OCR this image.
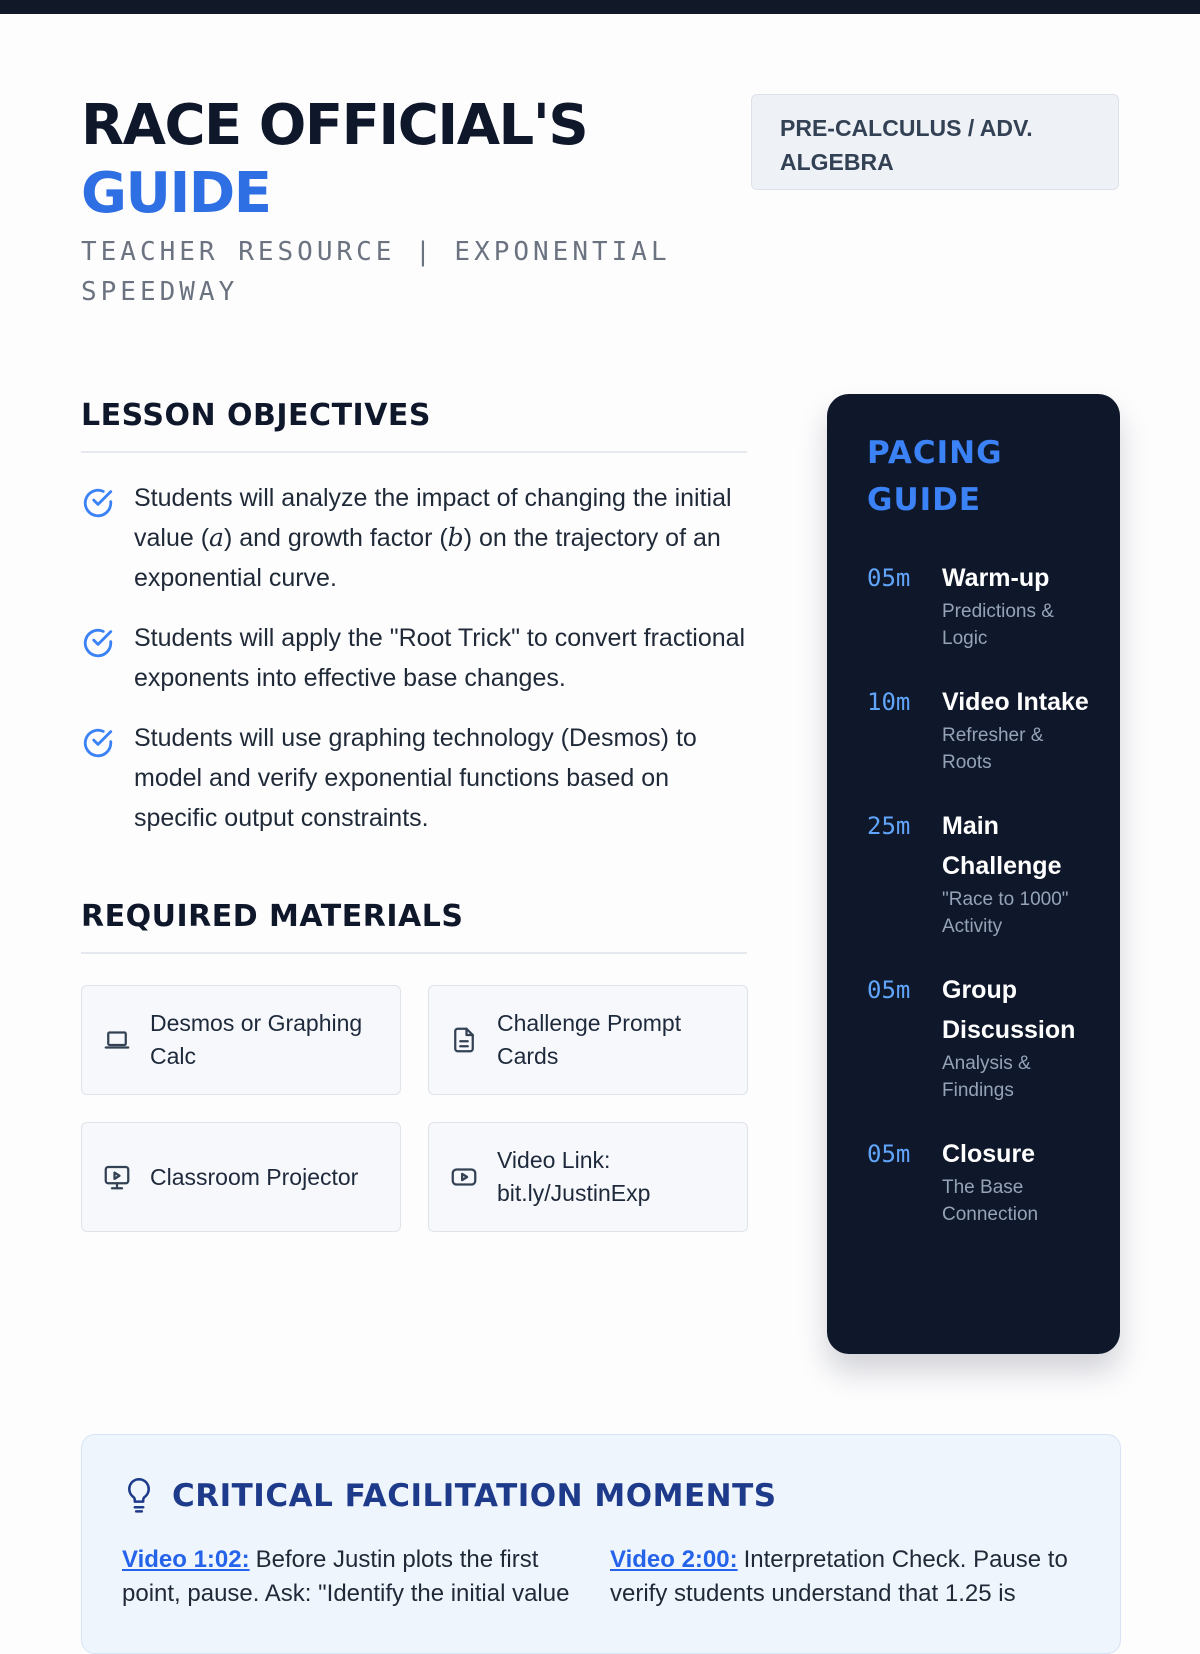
RACE OFFICIAL'S
GUIDE
TEACHER RESOURCE | EXPONENTIAL SPEEDWAY
PRE-CALCULUS / ADV. ALGEBRA
LESSON OBJECTIVES
Students will analyze the impact of changing the initial value (a) and growth factor (b) on the trajectory of an exponential curve.
Students will apply the "Root Trick" to convert fractional exponents into effective base changes.
Students will use graphing technology (Desmos) to model and verify exponential functions based on specific output constraints.
REQUIRED MATERIALS
Desmos or Graphing Calc
Challenge Prompt Cards
Classroom Projector
Video Link: bit.ly/JustinExp
PACING GUIDE
05m	Warm-up
Predictions & Logic
10m	Video Intake
Refresher & Roots
25m	Main Challenge
"Race to 1000" Activity
05m	Group Discussion
Analysis & Findings
05m	Closure
The Base Connection
CRITICAL FACILITATION MOMENTS

Video 1:02: Before Justin plots the first point, pause. Ask: "Identify the initial value

Video 2:00: Interpretation Check. Pause to verify students understand that 1.25 is
